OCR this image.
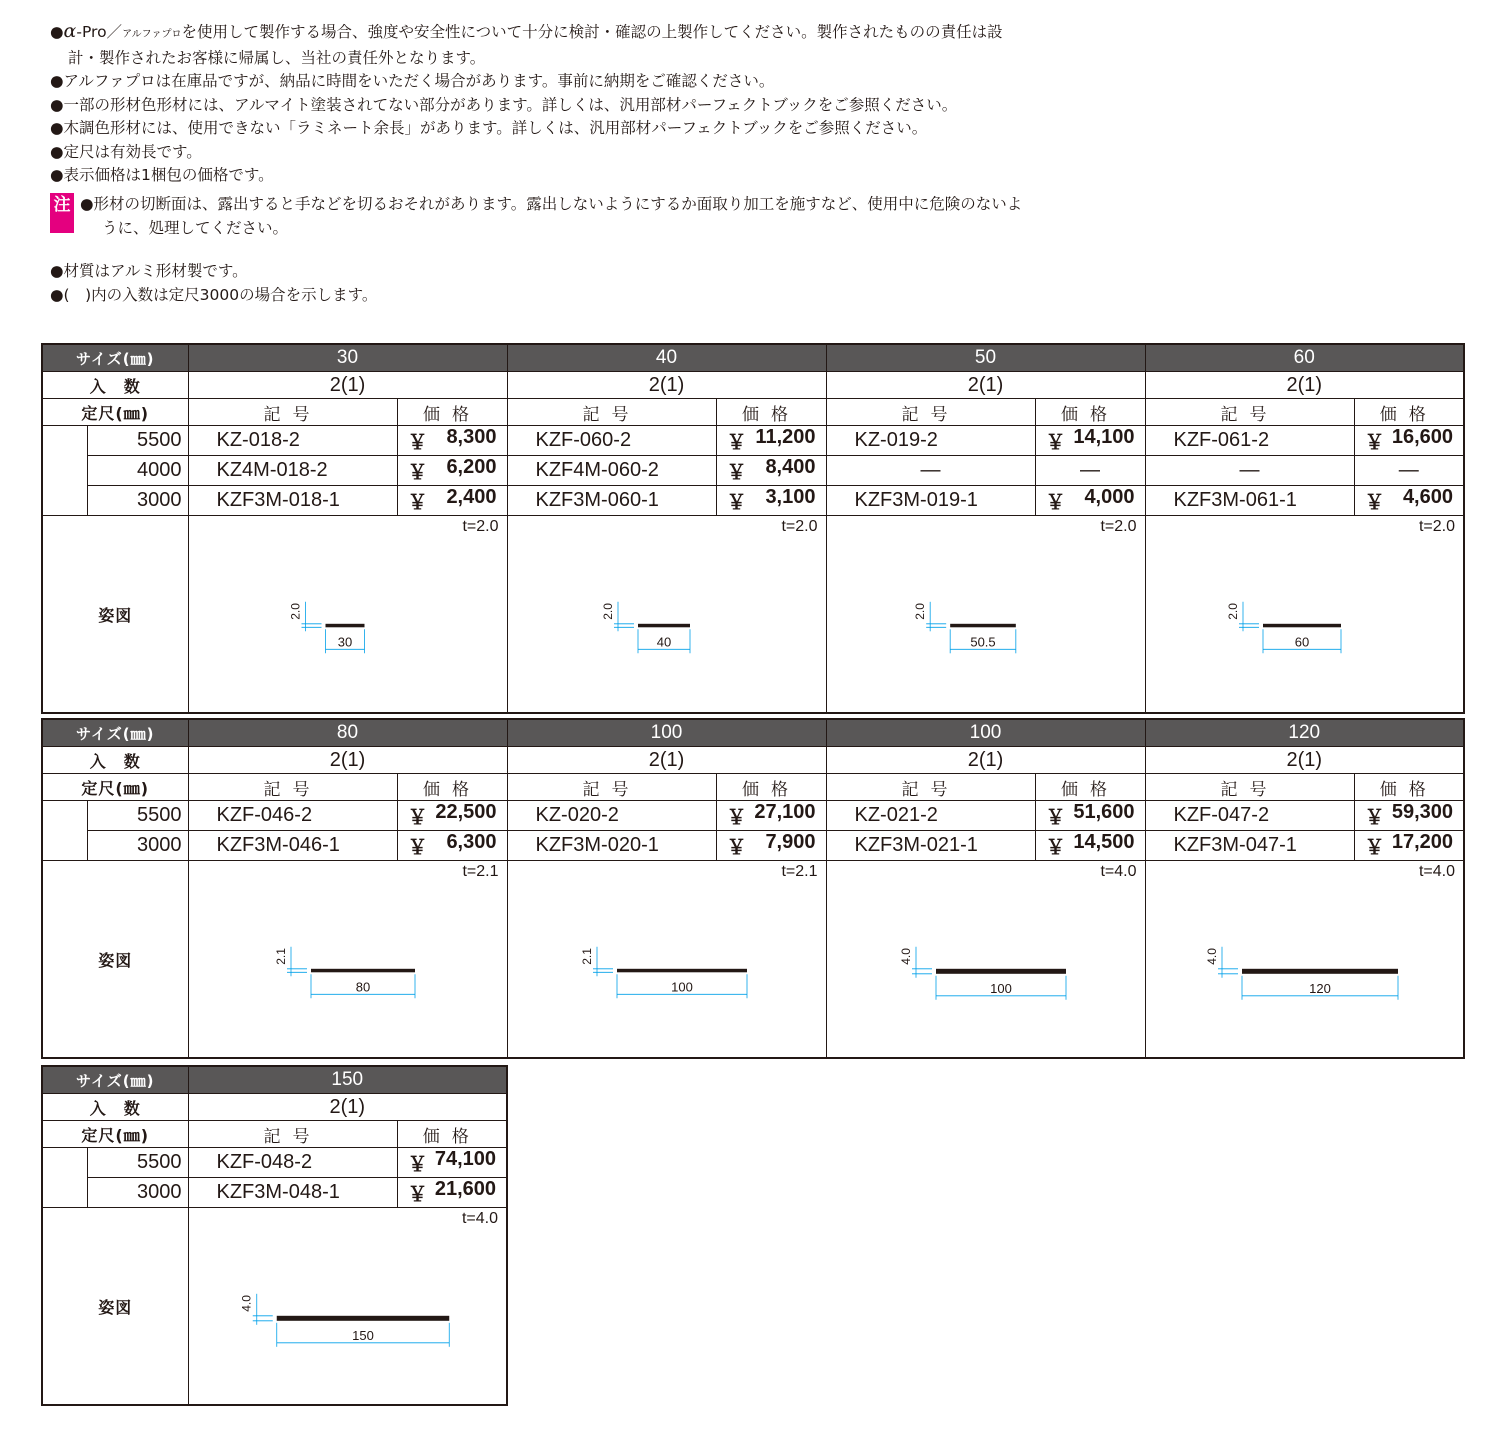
●α-Pro／アルファプロを使用して製作する場合、強度や安全性について十分に検討・確認の上製作してください。製作されたものの責任は設
計・製作されたお客様に帰属し、当社の責任外となります。
●アルファプロは在庫品ですが、納品に時間をいただく場合があります。事前に納期をご確認ください。
●一部の形材色形材には、アルマイト塗装されてない部分があります。詳しくは、汎用部材パーフェクトブックをご参照ください。
●木調色形材には、使用できない「ラミネート余長」があります。詳しくは、汎用部材パーフェクトブックをご参照ください。
●定尺は有効長です。
●表示価格は1梱包の価格です。
注 ●形材の切断面は、露出すると手などを切るおそれがあります。露出しないようにするか面取り加工を施すなど、使用中に危険のないよ
うに、処理してください。
●材質はアルミ形材製です。
●(　)内の入数は定尺3000の場合を示します。
サイズ(㎜)		30		40		50		60	
入　数		2(1)		2(1)		2(1)		2(1)	
定尺(㎜)		記号	価格	記号	価格	記号	価格	記号	価格
	5500	KZ-018-2	￥ 8,300	KZF-060-2	￥ 11,200	KZ-019-2	￥ 14,100	KZF-061-2	￥ 16,600
	4000	KZ4M-018-2	￥ 6,200	KZF4M-060-2	￥ 8,400	―	―	―	―
	3000	KZF3M-018-1	￥ 2,400	KZF3M-060-1	￥ 3,100	KZF3M-019-1	￥ 4,000	KZF3M-061-1	￥ 4,600
姿図		t=2.0
2.0
30		t=2.0
2.0
40		t=2.0
2.0
50.5		t=2.0
2.0
60	
サイズ(㎜)		80		100		100		120	
入　数		2(1)		2(1)		2(1)		2(1)	
定尺(㎜)		記号	価格	記号	価格	記号	価格	記号	価格
	5500	KZF-046-2	￥ 22,500	KZ-020-2	￥ 27,100	KZ-021-2	￥ 51,600	KZF-047-2	￥ 59,300
	3000	KZF3M-046-1	￥ 6,300	KZF3M-020-1	￥ 7,900	KZF3M-021-1	￥ 14,500	KZF3M-047-1	￥ 17,200
姿図		t=2.1
2.1
80		t=2.1
2.1
100		t=4.0
4.0
100		t=4.0
4.0
120	
サイズ(㎜)		150	
入　数		2(1)	
定尺(㎜)		記号	価格
	5500	KZF-048-2	￥ 74,100
	3000	KZF3M-048-1	￥ 21,600
姿図		t=4.0
4.0
150	
